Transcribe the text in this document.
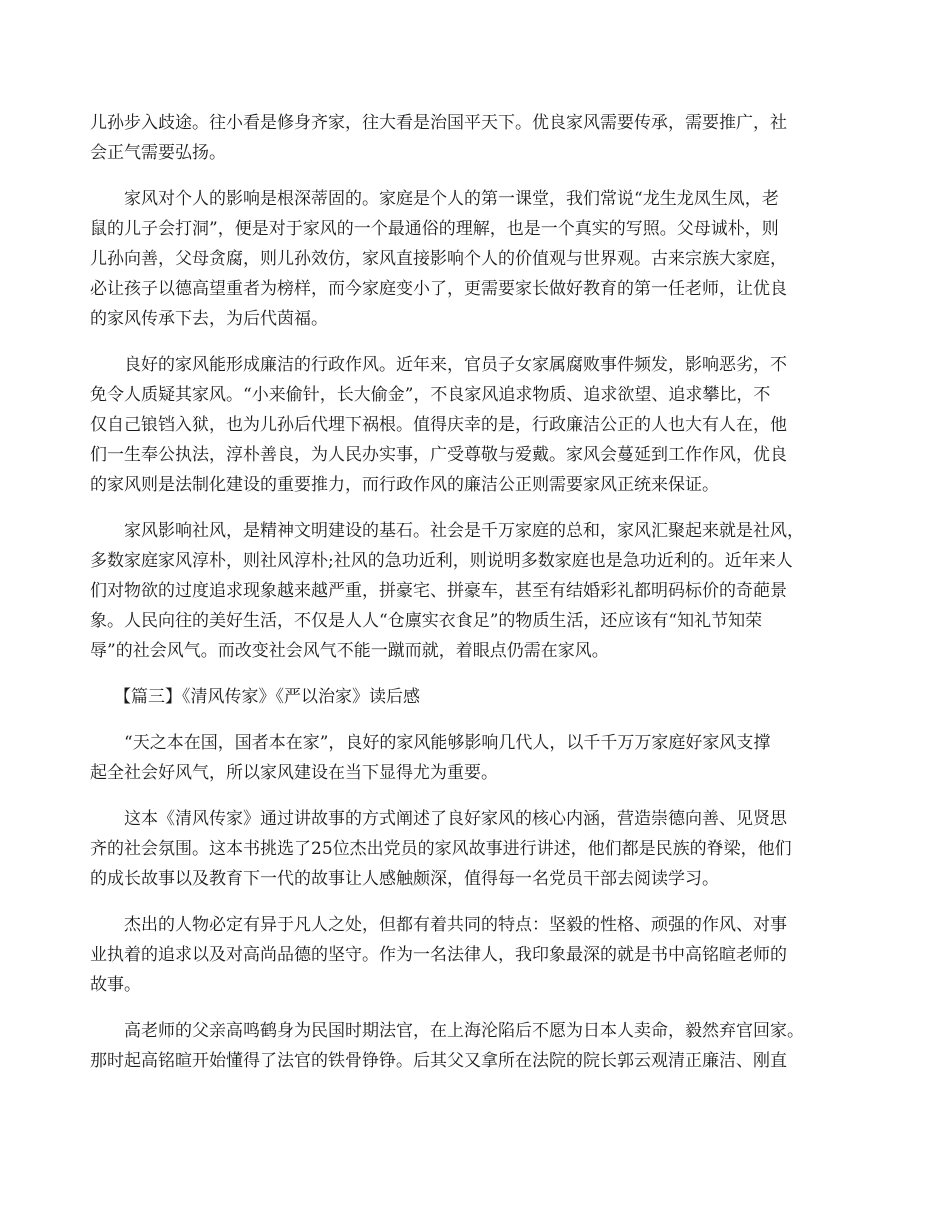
儿孙步入歧途。往小看是修身齐家，往大看是治国平天下。优良家风需要传承，需要推广，社
会正气需要弘扬。

家风对个人的影响是根深蒂固的。家庭是个人的第一课堂，我们常说“龙生龙凤生凤，老
鼠的儿子会打洞”，便是对于家风的一个最通俗的理解，也是一个真实的写照。父母诚朴，则
儿孙向善，父母贪腐，则儿孙效仿，家风直接影响个人的价值观与世界观。古来宗族大家庭，
必让孩子以德高望重者为榜样，而今家庭变小了，更需要家长做好教育的第一任老师，让优良
的家风传承下去，为后代茵福。

良好的家风能形成廉洁的行政作风。近年来，官员子女家属腐败事件频发，影响恶劣，不
免令人质疑其家风。“小来偷针，长大偷金”，不良家风追求物质、追求欲望、追求攀比，不
仅自己锒铛入狱，也为儿孙后代埋下祸根。值得庆幸的是，行政廉洁公正的人也大有人在，他
们一生奉公执法，淳朴善良，为人民办实事，广受尊敬与爱戴。家风会蔓延到工作作风，优良
的家风则是法制化建设的重要推力，而行政作风的廉洁公正则需要家风正统来保证。

家风影响社风，是精神文明建设的基石。社会是千万家庭的总和，家风汇聚起来就是社风，
多数家庭家风淳朴，则社风淳朴;社风的急功近利，则说明多数家庭也是急功近利的。近年来人
们对物欲的过度追求现象越来越严重，拼豪宅、拼豪车，甚至有结婚彩礼都明码标价的奇葩景
象。人民向往的美好生活，不仅是人人“仓廪实衣食足”的物质生活，还应该有“知礼节知荣
辱”的社会风气。而改变社会风气不能一蹴而就，着眼点仍需在家风。

【篇三】《清风传家》《严以治家》读后感

“天之本在国，国者本在家”，良好的家风能够影响几代人，以千千万万家庭好家风支撑
起全社会好风气，所以家风建设在当下显得尤为重要。

这本《清风传家》通过讲故事的方式阐述了良好家风的核心内涵，营造崇德向善、见贤思
齐的社会氛围。这本书挑选了25位杰出党员的家风故事进行讲述，他们都是民族的脊梁，他们
的成长故事以及教育下一代的故事让人感触颇深，值得每一名党员干部去阅读学习。

杰出的人物必定有异于凡人之处，但都有着共同的特点：坚毅的性格、顽强的作风、对事
业执着的追求以及对高尚品德的坚守。作为一名法律人，我印象最深的就是书中高铭暄老师的
故事。

高老师的父亲高鸣鹤身为民国时期法官，在上海沦陷后不愿为日本人卖命，毅然弃官回家。
那时起高铭暄开始懂得了法官的铁骨铮铮。后其父又拿所在法院的院长郭云观清正廉洁、刚直
